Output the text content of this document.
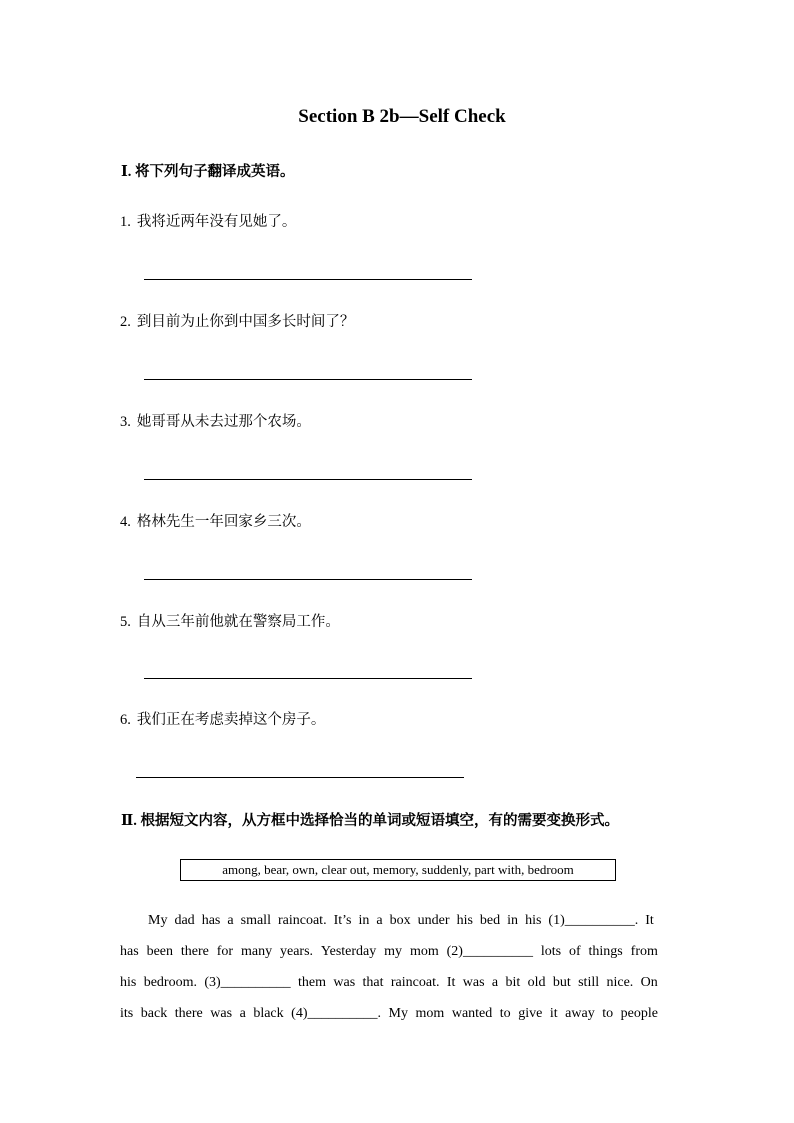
Section B 2b—Self Check
Ⅰ. 将下列句子翻译成英语。
1. 我将近两年没有见她了。
2. 到目前为止你到中国多长时间了？
3. 她哥哥从未去过那个农场。
4. 格林先生一年回家乡三次。
5. 自从三年前他就在警察局工作。
6. 我们正在考虑卖掉这个房子。
Ⅱ. 根据短文内容，从方框中选择恰当的单词或短语填空，有的需要变换形式。
among, bear, own, clear out, memory, suddenly, part with, bedroom
My dad has a small raincoat. It’s in a box under his bed in his (1)__________. It
has been there for many years. Yesterday my mom (2)__________ lots of things from
his bedroom. (3)__________ them was that raincoat. It was a bit old but still nice. On
its back there was a black (4)__________. My mom wanted to give it away to people
